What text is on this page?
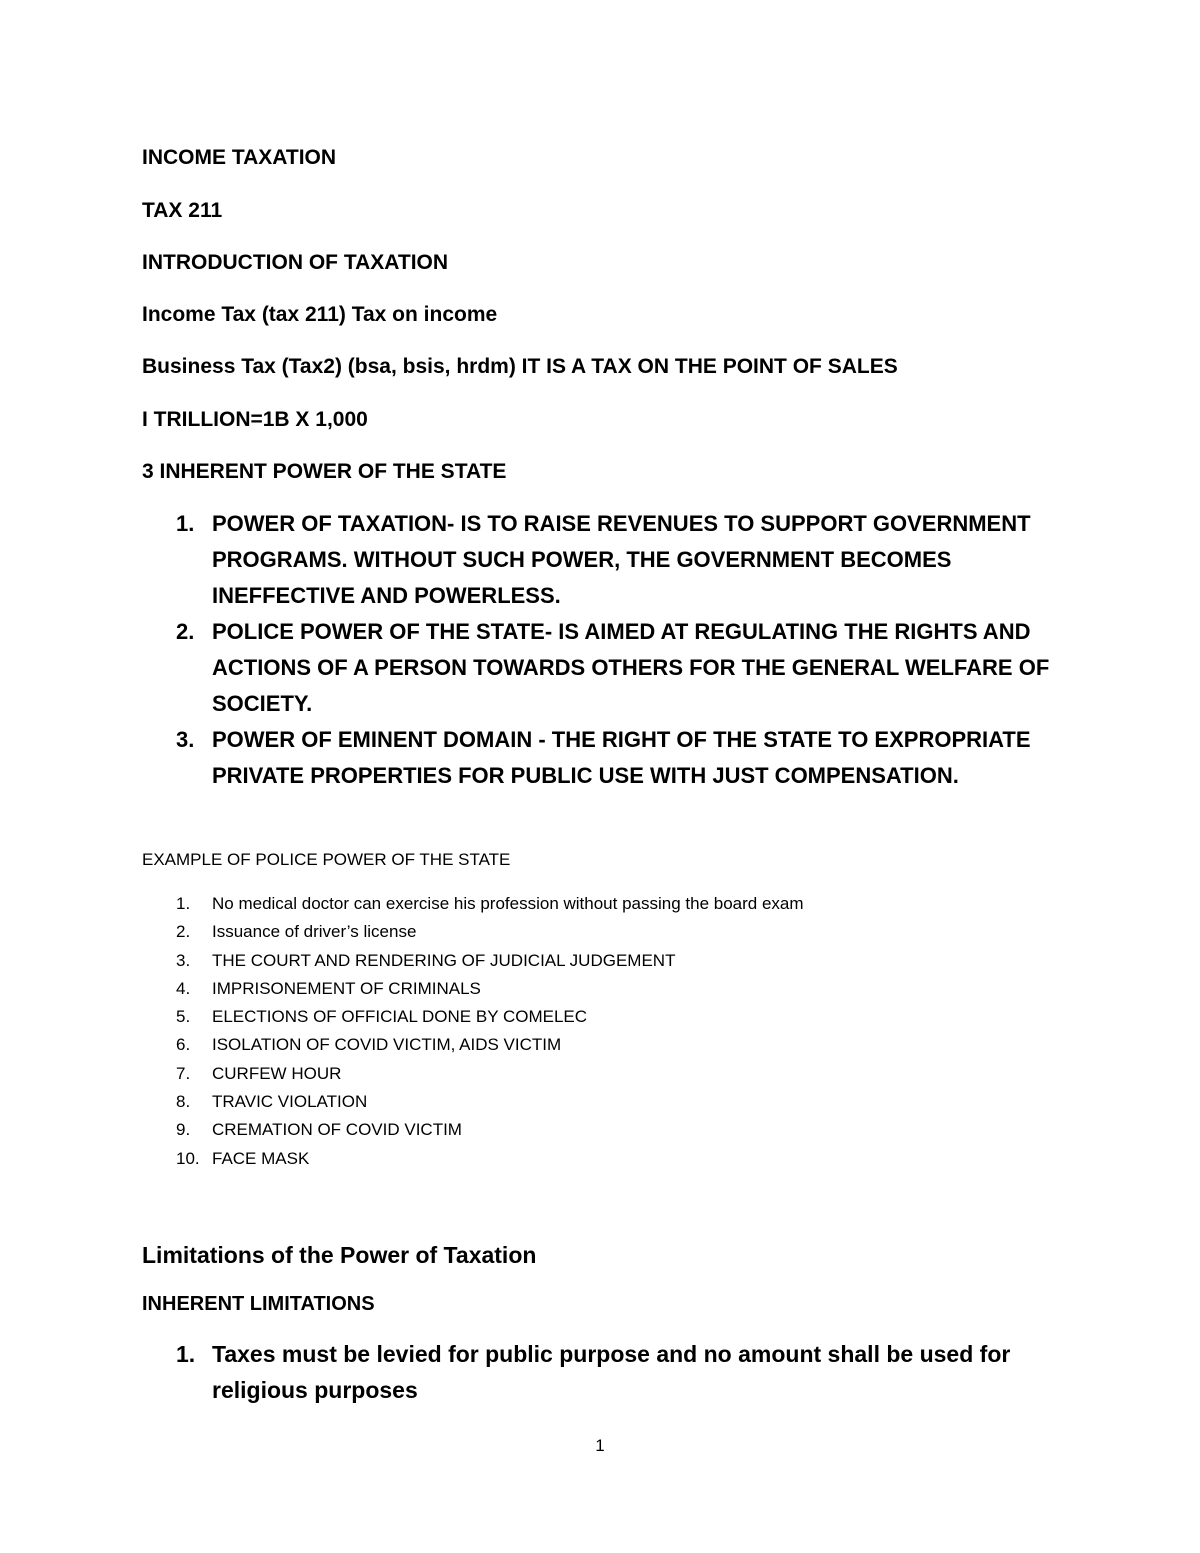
INCOME TAXATION
TAX 211
INTRODUCTION OF TAXATION
Income Tax (tax 211) Tax on income
Business Tax (Tax2) (bsa, bsis, hrdm) IT IS A TAX ON THE POINT OF SALES
I TRILLION=1B X 1,000
3 INHERENT POWER OF THE STATE
1. POWER OF TAXATION- IS TO RAISE REVENUES TO SUPPORT GOVERNMENT PROGRAMS. WITHOUT SUCH POWER, THE GOVERNMENT BECOMES INEFFECTIVE AND POWERLESS.
2. POLICE POWER OF THE STATE- IS AIMED AT REGULATING THE RIGHTS AND ACTIONS OF A PERSON TOWARDS OTHERS FOR THE GENERAL WELFARE OF SOCIETY.
3. POWER OF EMINENT DOMAIN - THE RIGHT OF THE STATE TO EXPROPRIATE PRIVATE PROPERTIES FOR PUBLIC USE WITH JUST COMPENSATION.
EXAMPLE OF POLICE POWER OF THE STATE
1. No medical doctor can exercise his profession without passing the board exam
2. Issuance of driver’s license
3. THE COURT AND RENDERING OF JUDICIAL JUDGEMENT
4. IMPRISONEMENT OF CRIMINALS
5. ELECTIONS OF OFFICIAL DONE BY COMELEC
6. ISOLATION OF COVID VICTIM, AIDS VICTIM
7. CURFEW HOUR
8. TRAVIC VIOLATION
9. CREMATION OF COVID VICTIM
10. FACE MASK
Limitations of the Power of Taxation
INHERENT LIMITATIONS
1. Taxes must be levied for public purpose and no amount shall be used for religious purposes
1
